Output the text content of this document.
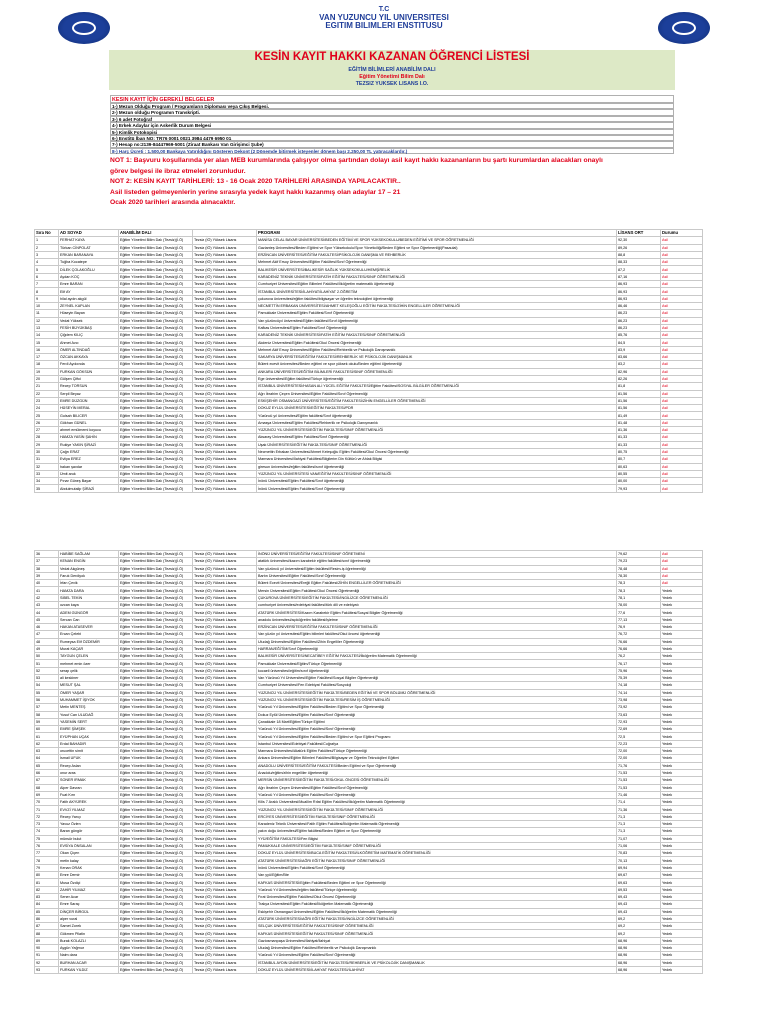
T.C
VAN YUZUNCU YIL UNIVERSITESI
EGITIM BILIMLERI ENSTITUSU
KESİN KAYIT HAKKI KAZANAN ÖĞRENCİ LİSTESİ
EĞİTİM BİLİMLERİ ANABİLİM DALI
Eğitim Yönetimi Bilim Dalı
TEZSIZ YUKSEK LISANS I.O.
KESIN KAYIT İÇİN GEREKLİ BELGELER
1-) Mezun Olduğu Program / Programların Diploması veya Çıkış Belgesi.
2-) Mezun olduğu Programın Transkripti.
3-) 6 adet Fotoğraf
4-) Erkek Adaylar için Askerlik Durum Belgesi
5-) Kimlik Fotokopisi
6-) Enstitü İban NO: TR76 0001 0021 3984 4479 6950 01
7-) Hesap no:2139-84447969-5001 (Ziraat Bankası Van Girişimci Şube)
8-) Harç Ücreti : 1.500,00 Bankaya Yatırıldığını Gösteren Dekont (2 Dönemde bitirmek isteyenler dönem başı 2.250,00 TL yatıracaklardır.)
NOT 1: Başvuru koşullarında yer alan MEB kurumlarında çalışıyor olma şartından dolayı asil kayıt hakkı kazananların bu şartı kurumlardan alacakları onaylı
görev belgesi ile ibraz etmeleri zorunludur.
NOT 2: KESİN KAYIT TARİHLERİ: 13 - 16 Ocak 2020 TARİHLERİ ARASINDA YAPILACAKTIR..
Asil listeden gelmeyenlerin yerine sırasıyla yedek kayıt hakkı kazanmış olan adaylar 17 – 21
Ocak 2020 tarihleri arasında alınacaktır.
Sıra No	AD SOYAD	ANABİLİM DALI		PROGRAM	LİSANS ORT	Durumu
1	FERHAT KAYA	Eğitim Yönetimi Bilim Dalı (Tezsiz)(İ.Ö)	Tezsiz (İÖ) Yüksek Lisans	MANİSA CELAL BAYAR ÜNİVERSİTESİ/BEDEN EĞİTİMİ VE SPOR YÜKSEKOKULU/BEDEN EĞİTİMİ VE SPOR ÖĞRETMENLİĞİ	92,30	Asil
2	Türkan CİNPOLAT	Eğitim Yönetimi Bilim Dalı (Tezsiz)(İ.Ö)	Tezsiz (İÖ) Yüksek Lisans	Gazianteş Üniversitesi/Beden Eğitimi ve Spor Yüksekokulu/Spor Yöneticiliği/Beden Eğitimi ve Spor Öğretmenliği(Pasaulal)	89,26	Asil
3	ERKAN BARANAYA	Eğitim Yönetimi Bilim Dalı (Tezsiz)(İ.Ö)	Tezsiz (İÖ) Yüksek Lisans	ERZİNCAN ÜNİVERSİTESİ/EĞİTİM FAKÜLTESİ/PSİKOLOJİK DANIŞMA VE REHBERLİK	88,8	Asil
4	Tuğba Kocatepe	Eğitim Yönetimi Bilim Dalı (Tezsiz)(İ.Ö)	Tezsiz (İÖ) Yüksek Lisans	Mehmet Akif Ersoy Üniversitesi/Eğitim Fakültesi/Sınıf Öğretmenliği	88,33	Asil
5	DİLEK ÇOLAKOĞLU	Eğitim Yönetimi Bilim Dalı (Tezsiz)(İ.Ö)	Tezsiz (İÖ) Yüksek Lisans	BALIKESİR ÜNİVERSİTESİ/BALIKESİR SAĞLIK YÜKSEKOKULU/HEMŞİRELİK	87,2	Asil
6	Aydan KOÇ	Eğitim Yönetimi Bilim Dalı (Tezsiz)(İ.Ö)	Tezsiz (İÖ) Yüksek Lisans	KARADENİZ TEKNİK ÜNİVERSİTESİ/FATİH EĞİTİM FAKÜLTESİ/SINIF ÖĞRETMENLİĞİ	87,16	Asil
7	Emre BARAN	Eğitim Yönetimi Bilim Dalı (Tezsiz)(İ.Ö)	Tezsiz (İÖ) Yüksek Lisans	Cumhuriyet Üniversitesi/Eğitim Bilimleri Fakültesi/İlköğretim matematik öğretmenliği	86,93	Asil
8	Elif AY	Eğitim Yönetimi Bilim Dalı (Tezsiz)(İ.Ö)	Tezsiz (İÖ) Yüksek Lisans	İSTANBUL ÜNİVERSİTESİ/İLAHİYAT/İLAHİYAT 2.ÖĞRETİM	86,93	Asil
9	hilal aydın akgül	Eğitim Yönetimi Bilim Dalı (Tezsiz)(İ.Ö)	Tezsiz (İÖ) Yüksek Lisans	çukurova üniversitesi/eğitim fakültesi/bilgisayar ve öğretim teknolojileri öğretmenliği	86,93	Asil
10	ZEYNEL KAPLAN	Eğitim Yönetimi Bilim Dalı (Tezsiz)(İ.Ö)	Tezsiz (İÖ) Yüksek Lisans	NECMETTİN ERBAKAN ÜNİVERSİTESİ/AHMET KELEŞOĞLU EĞİTİM FAKÜLTESİ/ZİHİN ENGELLİLER ÖĞRETMENLİĞİ	86,46	Asil
11	Hüseyin Bayarı	Eğitim Yönetimi Bilim Dalı (Tezsiz)(İ.Ö)	Tezsiz (İÖ) Yüksek Lisans	Pamukkale Üniversitesi/Eğitim Fakültesi/Sınıf Öğretmenliği	86,23	Asil
12	Vedat Yüksek	Eğitim Yönetimi Bilim Dalı (Tezsiz)(İ.Ö)	Tezsiz (İÖ) Yüksek Lisans	Van yüzüncüyıl üniversitesi/Eğitim fakültesi/Sınıf öğretmenliği	86,23	Asil
13	FESİH BÜYÜKBAŞ	Eğitim Yönetimi Bilim Dalı (Tezsiz)(İ.Ö)	Tezsiz (İÖ) Yüksek Lisans	Kafkas Üniversitesi/Eğitim Fakültesi/Sınıf Öğretmenliği	86,23	Asil
14	Çiğdem KILIÇ	Eğitim Yönetimi Bilim Dalı (Tezsiz)(İ.Ö)	Tezsiz (İÖ) Yüksek Lisans	KARADENİZ TEKNİK ÜNİVERSİTESİ/FATİH EĞİTİM FAKÜLTESİ/SINIF ÖĞRETMENLİĞİ	85,76	Asil
15	Ahmet Avcı	Eğitim Yönetimi Bilim Dalı (Tezsiz)(İ.Ö)	Tezsiz (İÖ) Yüksek Lisans	Akdeniz Üniversitesi/Eğitim Fakültesi/Okul Öncesi Öğretmenliği	84,5	Asil
16	ÖMER ALTINDAĞ	Eğitim Yönetimi Bilim Dalı (Tezsiz)(İ.Ö)	Tezsiz (İÖ) Yüksek Lisans	Mehmet Akif Ersoy Üniversitesi/Eğitim Fakültesi/Rehberlik ve Psikolojik Danışmanlık	83,9	Asil
17	ÖZCAN AKKAYA	Eğitim Yönetimi Bilim Dalı (Tezsiz)(İ.Ö)	Tezsiz (İÖ) Yüksek Lisans	SAKARYA ÜNİVERSİTESİ/EĞİTİM FAKÜLTESİ/REHBERLİK VE PSİKOLOJİK DANIŞMANLIK	83,66	Asil
18	Ferdi Aydoında	Eğitim Yönetimi Bilim Dalı (Tezsiz)(İ.Ö)	Tezsiz (İÖ) Yüksek Lisans	Bülent ecevit üniversitesi/Beden eğitimi ve spor yüksek okulu/Beden eğitimi öğretmenliği	83,2	Asil
19	FURKAN GÖKSÜN	Eğitim Yönetimi Bilim Dalı (Tezsiz)(İ.Ö)	Tezsiz (İÖ) Yüksek Lisans	ANKARA ÜNİVERSİTESİ/EĞİTİM BİLİMLERİ FAKÜLTESİ/SINIF ÖĞRETMENLİĞİ	82,96	Asil
20	Gülşen Çiftci	Eğitim Yönetimi Bilim Dalı (Tezsiz)(İ.Ö)	Tezsiz (İÖ) Yüksek Lisans	Ege üniversitesi/Eğitim fakültesi/Türkçe öğretmenliği	82,26	Asil
21	Recep TORSUN	Eğitim Yönetimi Bilim Dalı (Tezsiz)(İ.Ö)	Tezsiz (İÖ) Yüksek Lisans	İSTANBUL ÜNİVERSİTESİ/HASAN ALİ YÜCEL EĞİTİM FAKÜLTESİ/Eğitim Fakültesi/SOSYAL BİLGİLER ÖĞRETMENLİĞİ	81,8	Asil
22	Serpil Beyaz	Eğitim Yönetimi Bilim Dalı (Tezsiz)(İ.Ö)	Tezsiz (İÖ) Yüksek Lisans	Ağrı İbrahim Çeçen Üniversitesi/Eğitim Fakültesi/Sınıf Öğretmenliği	81,56	Asil
23	EMRE DÜZGÜN	Eğitim Yönetimi Bilim Dalı (Tezsiz)(İ.Ö)	Tezsiz (İÖ) Yüksek Lisans	ESKİŞEHİR OSMANGAZİ ÜNİVERSİTESİ/EĞİTİM FAKÜLTESİ/ZİHİN ENGELLİLER ÖĞRETMENLİĞİ	81,56	Asil
24	HÜSEYİN MERAL	Eğitim Yönetimi Bilim Dalı (Tezsiz)(İ.Ö)	Tezsiz (İÖ) Yüksek Lisans	DOKUZ EYLÜL ÜNİVERSİTESİ/EĞİTİM FAKÜLTESİ/PDR	81,56	Asil
25	Gulsah BILICER	Eğitim Yönetimi Bilim Dalı (Tezsiz)(İ.Ö)	Tezsiz (İÖ) Yüksek Lisans	Yüzüncü yıl üniversitesi/Eğitim fakültesi/Sınıf öğretmenliği	81,49	Asil
26	Gökhan GÜNEL	Eğitim Yönetimi Bilim Dalı (Tezsiz)(İ.Ö)	Tezsiz (İÖ) Yüksek Lisans	Amasya Üniversitesi/Eğitim Fakültesi/Rehberlik ve Psikolojik Danışmanlık	81,48	Asil
27	ahmet emülmemi koyucu	Eğitim Yönetimi Bilim Dalı (Tezsiz)(İ.Ö)	Tezsiz (İÖ) Yüksek Lisans	YÜZÜNCÜ YIL ÜNİVERSİTESİ/EĞİTİM FAKÜLTESİ/SINIF ÖĞRETMENLİĞİ	81,36	Asil
28	HAMZA YASİN ŞAHİN	Eğitim Yönetimi Bilim Dalı (Tezsiz)(İ.Ö)	Tezsiz (İÖ) Yüksek Lisans	Aksaray Üniversitesi/Eğitim Fakültesi/Sınıf Öğretmenliği	81,33	Asil
29	Rukiye YAKIN ŞİRAZİ	Eğitim Yönetimi Bilim Dalı (Tezsiz)(İ.Ö)	Tezsiz (İÖ) Yüksek Lisans	Uşak ÜNİVERSİTESİ/EĞİTİM FAKÜLTESİ/SINIF ÖĞRETMENLİĞİ	81,33	Asil
30	Çağrı ERAT	Eğitim Yönetimi Bilim Dalı (Tezsiz)(İ.Ö)	Tezsiz (İÖ) Yüksek Lisans	Necmettin Erbakan Üniversitesi/Ahmet Keleşoğlu Eğitim Fakültesi/Okul Öncesi Öğretmenliği	80,75	Asil
31	Evliya EREZ	Eğitim Yönetimi Bilim Dalı (Tezsiz)(İ.Ö)	Tezsiz (İÖ) Yüksek Lisans	Marmara Üniversitesi/İlahiyat Fakültesi/Bilgilerim Din Kültürü ve Ahlak Bilgisi	80,7	Asil
32	hakan şavdar	Eğitim Yönetimi Bilim Dalı (Tezsiz)(İ.Ö)	Tezsiz (İÖ) Yüksek Lisans	giresun üniversitesi/eğitim fakültesi/sınıf öğretmenliği	80,63	Asil
33	Ümit aruk	Eğitim Yönetimi Bilim Dalı (Tezsiz)(İ.Ö)	Tezsiz (İÖ) Yüksek Lisans	YÜZÜNCÜ YIL ÜNİVERSİTESİ VAN/EĞİTİM FAKÜLTESİ/SINIF ÖĞRETMENLİĞİ	80,55	Asil
34	Pınar Güneş Bayar	Eğitim Yönetimi Bilim Dalı (Tezsiz)(İ.Ö)	Tezsiz (İÖ) Yüksek Lisans	İnönü Üniversitesi/Eğitim Fakültesi/Sınıf öğretmenliği	80,00	Asil
35	Abdulmutalip ŞİRAZİ	Eğitim Yönetimi Bilim Dalı (Tezsiz)(İ.Ö)	Tezsiz (İÖ) Yüksek Lisans	İnönü Üniversitesi/Eğitim Fakültesi/Sınıf Öğretmenliği	79,93	Asil
36	HABİBE SAĞLAM	Eğitim Yönetimi Bilim Dalı (Tezsiz)(İ.Ö)	Tezsiz (İÖ) Yüksek Lisans	İNÖNÜ ÜNİVERSİTESİ/EĞİTİM FAKÜLTESİ/SINIF ÖĞRETMENİ	79,62	Asil
37	KENAN ENGİN	Eğitim Yönetimi Bilim Dalı (Tezsiz)(İ.Ö)	Tezsiz (İÖ) Yüksek Lisans	atatürk üniversitesi/kazım karabekir eğitim fakültesi/sınıf öğretmenliği	79,23	Asil
38	Vedat Akgüneş	Eğitim Yönetimi Bilim Dalı (Tezsiz)(İ.Ö)	Tezsiz (İÖ) Yüksek Lisans	Van yüzüncü yıl üniversitesi/Eğitim fakültesi/Resim-iş öğretmenliği	78,48	Asil
39	Faruk Derdiyok	Eğitim Yönetimi Bilim Dalı (Tezsiz)(İ.Ö)	Tezsiz (İÖ) Yüksek Lisans	Bartın Üniversitesi/Eğitim Fakültesi/Sınıf Öğretmenliği	78,30	Asil
40	İrfan Çevik	Eğitim Yönetimi Bilim Dalı (Tezsiz)(İ.Ö)	Tezsiz (İÖ) Yüksek Lisans	Bülent Ecevit Üniversitesi/Ereğli Eğitim Fakültesi/ZİHİN ENGELLİLER ÖĞRETMENLİĞİ	78,3	Asil
41	HAMZA DARA	Eğitim Yönetimi Bilim Dalı (Tezsiz)(İ.Ö)	Tezsiz (İÖ) Yüksek Lisans	Mersin Üniversitesi/Eğitim Fakültesi/Okul Öncesi Öğretmenliği	78,3	Yedek
42	SİBEL TEKİN	Eğitim Yönetimi Bilim Dalı (Tezsiz)(İ.Ö)	Tezsiz (İÖ) Yüksek Lisans	ÇUKUROVA ÜNİVERSİTESİ/EĞİTİM FAKÜLTESİ/İNGİLİZCE ÖĞRETMENLİĞİ	78,1	Yedek
43	ozcan kaya	Eğitim Yönetimi Bilim Dalı (Tezsiz)(İ.Ö)	Tezsiz (İÖ) Yüksek Lisans	cumhuriyet üniversitesi/edebiyat fakültesi/türk dili ve edebiyatı	78,00	Yedek
44	ADEM GÜNGÖR	Eğitim Yönetimi Bilim Dalı (Tezsiz)(İ.Ö)	Tezsiz (İÖ) Yüksek Lisans	ATATÜRK ÜNİVERSİTESİ/Kazım Karabekir Eğitim Fakültesi/Sosyal Bilgiler Öğretmenliği	77,6	Yedek
45	Sercan Can	Eğitim Yönetimi Bilim Dalı (Tezsiz)(İ.Ö)	Tezsiz (İÖ) Yüksek Lisans	anadolu üniversitesi/açıköğretim fakültesi/işletme	77,13	Yedek
46	HAKAN ATASEVER	Eğitim Yönetimi Bilim Dalı (Tezsiz)(İ.Ö)	Tezsiz (İÖ) Yüksek Lisans	ERZİNCAN ÜNİVERSİTESİ/EĞİTİM FAKÜLTESİ/SINIF ÖĞRETMENLİĞİ	76,9	Yedek
47	Ercan Çelebi	Eğitim Yönetimi Bilim Dalı (Tezsiz)(İ.Ö)	Tezsiz (İÖ) Yüksek Lisans	Van yüzün yıl üniversitesi/Eğitim bilimleri fakültesi/Okul öncesi öğretmenliği	76,72	Yedek
48	Rumeysa Elif ÖZDEMİR	Eğitim Yönetimi Bilim Dalı (Tezsiz)(İ.Ö)	Tezsiz (İÖ) Yüksek Lisans	Uludağ Üniversitesi/Eğitim Fakültesi/Zihin Engelliler Öğretmenliği	76,66	Yedek
49	Murat KAÇAR	Eğitim Yönetimi Bilim Dalı (Tezsiz)(İ.Ö)	Tezsiz (İÖ) Yüksek Lisans	HARRAN/EĞİTİM/Sınıf Öğretmenliği	76,66	Yedek
50	TAYGUN ÇELEN	Eğitim Yönetimi Bilim Dalı (Tezsiz)(İ.Ö)	Tezsiz (İÖ) Yüksek Lisans	BALIKESİR ÜNİVERSİTESİ/NECATİBEY EĞİTİM FAKÜLTESİ/İlköğretim Matematik Öğretmenliği	76,2	Yedek
51	mehmet emin özer	Eğitim Yönetimi Bilim Dalı (Tezsiz)(İ.Ö)	Tezsiz (İÖ) Yüksek Lisans	Pamukkale Üniversitesi/Eğitim/Türkçe Öğretmenliği	76,17	Yedek
52	serap çelik	Eğitim Yönetimi Bilim Dalı (Tezsiz)(İ.Ö)	Tezsiz (İÖ) Yüksek Lisans	kocaeli üniversitesi/eğitim/sınıf öğretmenliği	75,96	Yedek
53	ali keskiner	Eğitim Yönetimi Bilim Dalı (Tezsiz)(İ.Ö)	Tezsiz (İÖ) Yüksek Lisans	Van Yüzüncü Yıl Üniversitesi/Eğitim Fakültesi/Sosyal Bilgiler Öğretmenliği	75,39	Yedek
54	MESUT ŞAL	Eğitim Yönetimi Bilim Dalı (Tezsiz)(İ.Ö)	Tezsiz (İÖ) Yüksek Lisans	Cumhuriyet Üniversitesi/Fen Edebiyat Fakültesi/Sosyoloji	74,18	Yedek
55	ÖMER YAŞAR	Eğitim Yönetimi Bilim Dalı (Tezsiz)(İ.Ö)	Tezsiz (İÖ) Yüksek Lisans	YÜZÜNCÜ YIL ÜNİVERSİTESİ/EĞİTİM FAKÜLTESİ/BEDEN EĞİTİMİ VE SPOR BÖLÜMÜ ÖĞRETMENLİĞİ	74,14	Yedek
56	MUHAMMET İŞIYOK	Eğitim Yönetimi Bilim Dalı (Tezsiz)(İ.Ö)	Tezsiz (İÖ) Yüksek Lisans	YÜZÜNCÜ YIL ÜNİVERSİTESİ/EĞİTİM FAKÜLTESİ/RESİM İŞ ÖĞRETMENLİĞİ	73,98	Yedek
57	Metin MENTEŞ	Eğitim Yönetimi Bilim Dalı (Tezsiz)(İ.Ö)	Tezsiz (İÖ) Yüksek Lisans	Yüzüncü Yıl Üniversitesi/Eğitim Fakültesi/Beden Eğitimi ve Spor Öğretmenliği	73,92	Yedek
58	Yusuf Can ULUDAĞ	Eğitim Yönetimi Bilim Dalı (Tezsiz)(İ.Ö)	Tezsiz (İÖ) Yüksek Lisans	Dokuz Eylül Üniversitesi/Eğitim Fakültesi/Sınıf Öğretmenliği	73,63	Yedek
59	YASEMİN SERT	Eğitim Yönetimi Bilim Dalı (Tezsiz)(İ.Ö)	Tezsiz (İÖ) Yüksek Lisans	Çanakkale 18 Mart/Eğitim/Türkçe Eğitimi	72,93	Yedek
60	EMRE ŞİMŞEK	Eğitim Yönetimi Bilim Dalı (Tezsiz)(İ.Ö)	Tezsiz (İÖ) Yüksek Lisans	Yüzüncü Yıl Üniversitesi/Eğitim Fakültesi/Sınıf Öğretmenliği	72,69	Yedek
61	EYÜPHAN UÇAK	Eğitim Yönetimi Bilim Dalı (Tezsiz)(İ.Ö)	Tezsiz (İÖ) Yüksek Lisans	Yüzüncü Yıl Üniversitesi/Eğitim Fakültesi/Beden Eğitimi ve Spor Eğitimi Programı	72,5	Yedek
62	Erdal BAHADIR	Eğitim Yönetimi Bilim Dalı (Tezsiz)(İ.Ö)	Tezsiz (İÖ) Yüksek Lisans	İstanbul Üniversitesi/Edebiyat Fakültesi/Coğrafya	72,23	Yedek
63	orucettin simit	Eğitim Yönetimi Bilim Dalı (Tezsiz)(İ.Ö)	Tezsiz (İÖ) Yüksek Lisans	Marmara Üniversitesi/Atatürk Eğitim Fakültesi/Türkçe Öğretmenliği	72,00	Yedek
64	İsmail UFUK	Eğitim Yönetimi Bilim Dalı (Tezsiz)(İ.Ö)	Tezsiz (İÖ) Yüksek Lisans	Ankara Üniversitesi/Eğitim Bilimleri Fakültesi/Bilgisayar ve Öğretim Teknolojileri Eğitimi	72,00	Yedek
65	Recep Aslan	Eğitim Yönetimi Bilim Dalı (Tezsiz)(İ.Ö)	Tezsiz (İÖ) Yüksek Lisans	ANADOLU ÜNİVERSİTESİ/EĞİTİM FAKÜLTESİ/Beden Eğitimi ve Spor Öğretmenliği	71,76	Yedek
66	onur aras	Eğitim Yönetimi Bilim Dalı (Tezsiz)(İ.Ö)	Tezsiz (İÖ) Yüksek Lisans	Anadolu/eğitim/zihin engelliler öğretmenliği	71,53	Yedek
67	SONER IRMAK	Eğitim Yönetimi Bilim Dalı (Tezsiz)(İ.Ö)	Tezsiz (İÖ) Yüksek Lisans	MERSİN ÜNİVERSİTESİ/EĞİTİM FAKÜLTESİ/OKUL ÖNCESİ ÖĞRETMENLİĞİ	71,53	Yedek
68	Alper Davran	Eğitim Yönetimi Bilim Dalı (Tezsiz)(İ.Ö)	Tezsiz (İÖ) Yüksek Lisans	Ağrı İbrahim Çeçen Üniversitesi/Eğitim Fakültesi/Sınıf Öğretmenliği	71,53	Yedek
69	Fuat Kırn	Eğitim Yönetimi Bilim Dalı (Tezsiz)(İ.Ö)	Tezsiz (İÖ) Yüksek Lisans	Yüzüncü Yıl Üniversitesi/Eğitim Fakültesi/Sınıf Öğretmenliği	71,46	Yedek
70	Fatih AKYÜREK	Eğitim Yönetimi Bilim Dalı (Tezsiz)(İ.Ö)	Tezsiz (İÖ) Yüksek Lisans	Kilis 7 Aralık Üniversitesi/Muallim Rıfat Eğitim Fakültesi/İlköğretim Matematik Öğretmenliği	71,4	Yedek
71	EVVZİ YILMAZ	Eğitim Yönetimi Bilim Dalı (Tezsiz)(İ.Ö)	Tezsiz (İÖ) Yüksek Lisans	YÜZÜNCÜ YIL ÜNİVERSİTESİ/EĞİTİM FAKÜLTESİ/SINIF ÖĞRETMENLİĞİ	71,36	Yedek
72	Recep Yarıçı	Eğitim Yönetimi Bilim Dalı (Tezsiz)(İ.Ö)	Tezsiz (İÖ) Yüksek Lisans	ERCİYES ÜNİVERSİTESİ/EĞİTİM FAKÜLTESİ/SINIF ÖĞRETMENLİĞİ	71,3	Yedek
73	Yavuz Özlen	Eğitim Yönetimi Bilim Dalı (Tezsiz)(İ.Ö)	Tezsiz (İÖ) Yüksek Lisans	Karadeniz Teknik Üniversitesi/Fatih Eğitim Fakültesi/İlköğretim Matematik Öğretmenliği	71,3	Yedek
74	Baran güngör	Eğitim Yönetimi Bilim Dalı (Tezsiz)(İ.Ö)	Tezsiz (İÖ) Yüksek Lisans	yakın doğu üniversitesi/Eğitim fakültesi/Beden Eğitimi ve Spor Öğretmenliği	71,3	Yedek
75	münsür bulut	Eğitim Yönetimi Bilim Dalı (Tezsiz)(İ.Ö)	Tezsiz (İÖ) Yüksek Lisans	YYÜ/EĞİTİM FAKÜLTESİ/Fen Bilgisi	71,07	Yedek
76	EVSİYA ÖNSALAN	Eğitim Yönetimi Bilim Dalı (Tezsiz)(İ.Ö)	Tezsiz (İÖ) Yüksek Lisans	PAMUKKALE ÜNİVERSİTESİ/EĞİTİM FAKÜLTESİ/SINIF ÖĞRETMENLİĞİ	71,06	Yedek
77	Okan Çiçen	Eğitim Yönetimi Bilim Dalı (Tezsiz)(İ.Ö)	Tezsiz (İÖ) Yüksek Lisans	DOKUZ EYLÜL ÜNİVERSİTESİ/BUCA EĞİTİM FAKÜLTESİ/İLKÖĞRETİM MATEMATİK ÖĞRETMENLİĞİ	70,83	Yedek
78	metin kalay	Eğitim Yönetimi Bilim Dalı (Tezsiz)(İ.Ö)	Tezsiz (İÖ) Yüksek Lisans	ATATÜRK ÜNİVERSİTESİ/AĞRI EĞİTİM FAKÜLTESİ/SINIF ÖĞRETMENLİĞİ	70,13	Yedek
79	Kenan ORAK	Eğitim Yönetimi Bilim Dalı (Tezsiz)(İ.Ö)	Tezsiz (İÖ) Yüksek Lisans	İnönü Üniversitesi/Eğitim Fakültesi/Sınıf Öğretmenliği	69,94	Yedek
80	Emre Demir	Eğitim Yönetimi Bilim Dalı (Tezsiz)(İ.Ö)	Tezsiz (İÖ) Yüksek Lisans	Van yyü/Eğitim/Bte	69,67	Yedek
81	Musa Özdiçi	Eğitim Yönetimi Bilim Dalı (Tezsiz)(İ.Ö)	Tezsiz (İÖ) Yüksek Lisans	KAFKAS ÜNİVERSİTESİ/Eğitim Fakültesi/Beden Eğitimi ve Spor Öğretmenliği	69,63	Yedek
82	ZAHİR YILMAZ	Eğitim Yönetimi Bilim Dalı (Tezsiz)(İ.Ö)	Tezsiz (İÖ) Yüksek Lisans	Yüzüncü Yıl Üniversitesi/eğitim fakültesi/Türkçe öğretmenliği	69,53	Yedek
83	Sener Acar	Eğitim Yönetimi Bilim Dalı (Tezsiz)(İ.Ö)	Tezsiz (İÖ) Yüksek Lisans	Fırat Üniversitesi/Eğitim Fakültesi/Okul Öncesi Öğretmenliği	69,43	Yedek
84	Emre Saraç	Eğitim Yönetimi Bilim Dalı (Tezsiz)(İ.Ö)	Tezsiz (İÖ) Yüksek Lisans	Trakya Üniversitesi/Eğitim Fakültesi/İlköğretim Matematik Öğretmenliği	69,43	Yedek
85	DİNÇER BİRGÜL	Eğitim Yönetimi Bilim Dalı (Tezsiz)(İ.Ö)	Tezsiz (İÖ) Yüksek Lisans	Eskişehir Osmangazi Üniversitesi/Eğitim Fakültesi/İlköğretim Matematik Öğretmenliği	69,43	Yedek
86	alper vural	Eğitim Yönetimi Bilim Dalı (Tezsiz)(İ.Ö)	Tezsiz (İÖ) Yüksek Lisans	ATATÜRK ÜNİVERSİTESİ/AĞRI EĞİTİM FAKÜLTESİ/İNGİLİZCE ÖĞRETMENLİĞİ	69,2	Yedek
87	Samet Zorek	Eğitim Yönetimi Bilim Dalı (Tezsiz)(İ.Ö)	Tezsiz (İÖ) Yüksek Lisans	SELÇUK ÜNİVERSİTESİ/EĞİTİM FAKÜLTESİ/SINIF ÖĞRETMENLİĞİ	69,2	Yedek
88	Gökmen Pilatin	Eğitim Yönetimi Bilim Dalı (Tezsiz)(İ.Ö)	Tezsiz (İÖ) Yüksek Lisans	KAFKAS ÜNİVERSİTESİ/EĞİTİM FAKÜLTESİ/SINIF ÖĞRETMENLİĞİ	69,2	Yedek
89	Burak KOLAZLI	Eğitim Yönetimi Bilim Dalı (Tezsiz)(İ.Ö)	Tezsiz (İÖ) Yüksek Lisans	Gaziosmanpaşa Üniversitesi/İlahiyat/İlahiyat	68,96	Yedek
90	Aygün Yağmur	Eğitim Yönetimi Bilim Dalı (Tezsiz)(İ.Ö)	Tezsiz (İÖ) Yüksek Lisans	Uludağ Üniversitesi/Eğitim Fakültesi/Rehberlik ve Psikolojik Danışmanlık	68,96	Yedek
91	Naim dara	Eğitim Yönetimi Bilim Dalı (Tezsiz)(İ.Ö)	Tezsiz (İÖ) Yüksek Lisans	Yüzüncü Yıl Üniversitesi/Eğitim Fakültesi/Sınıf Öğretmenliği	68,96	Yedek
92	BURHAN ACAR	Eğitim Yönetimi Bilim Dalı (Tezsiz)(İ.Ö)	Tezsiz (İÖ) Yüksek Lisans	İSTANBUL AYDIN ÜNİVERSİTESİ/EĞİTİM FAKÜLTESİ/REHBERLİK VE PSİKOLOJİK DANIŞMANLIK	68,96	Yedek
93	FURKAN YILDIZ	Eğitim Yönetimi Bilim Dalı (Tezsiz)(İ.Ö)	Tezsiz (İÖ) Yüksek Lisans	DOKUZ EYLÜL ÜNİVERSİTESİ/İLAHİYAT FAKÜLTESİ/İLAHİYAT	68,96	Yedek
